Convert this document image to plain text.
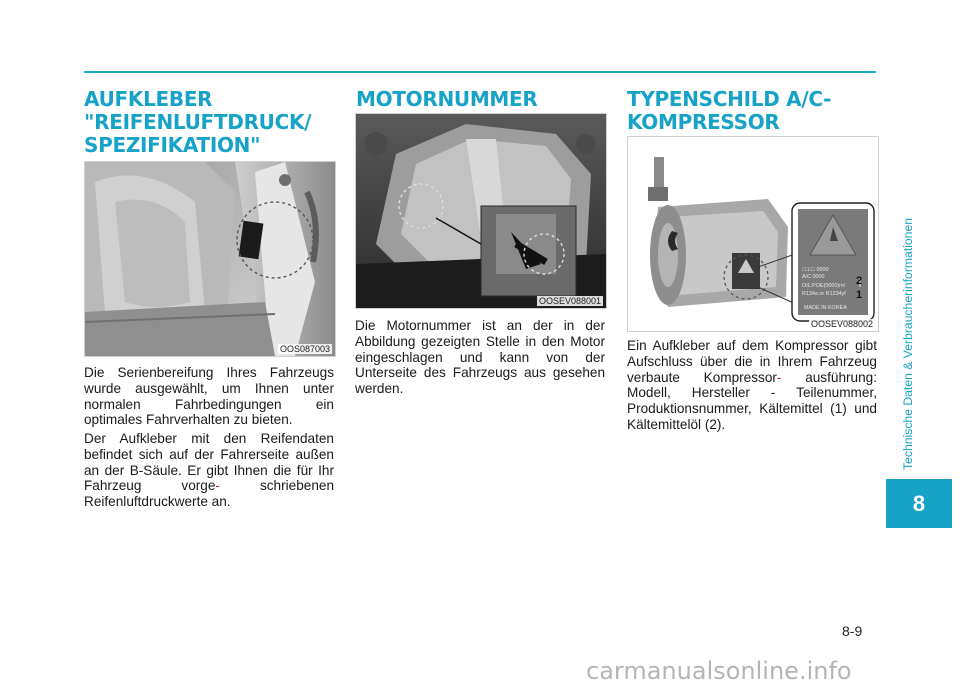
AUFKLEBER
"REIFENLUFTDRUCK/
SPEZIFIKATION"
OOS087003

Die Serienbereifung Ihres Fahrzeugs wurde ausgewählt, um Ihnen unter normalen Fahrbedingungen ein optimales Fahrverhalten zu bieten.

Der Aufkleber mit den Reifendaten befindet sich auf der Fahrerseite außen an der B-Säule. Er gibt Ihnen die für Ihr Fahrzeug vorge-	schriebenen Reifenluftdruckwerte an.

MOTORNUMMER
OOSEV088001

Die Motornummer ist an der in der Abbildung gezeigten Stelle in den Motor eingeschlagen und kann von der Unterseite des Fahrzeugs aus gesehen werden.

TYPENSCHILD A/C-
KOMPRESSOR
□□□□ 0000
A/C 0000
OIL:POE(0000)ml
R134a or R1234yf
MADE IN KOREA
2
1
OOSEV088002

Ein Aufkleber auf dem Kompressor gibt Aufschluss über die in Ihrem Fahrzeug verbaute Kompressor- ausführung: Modell, Hersteller - Teilenummer, Produktionsnummer, Kältemittel (1) und Kältemittelöl (2).	Technische Daten & Verbraucherinformationen
8
8-9
carmanualsonline.info
